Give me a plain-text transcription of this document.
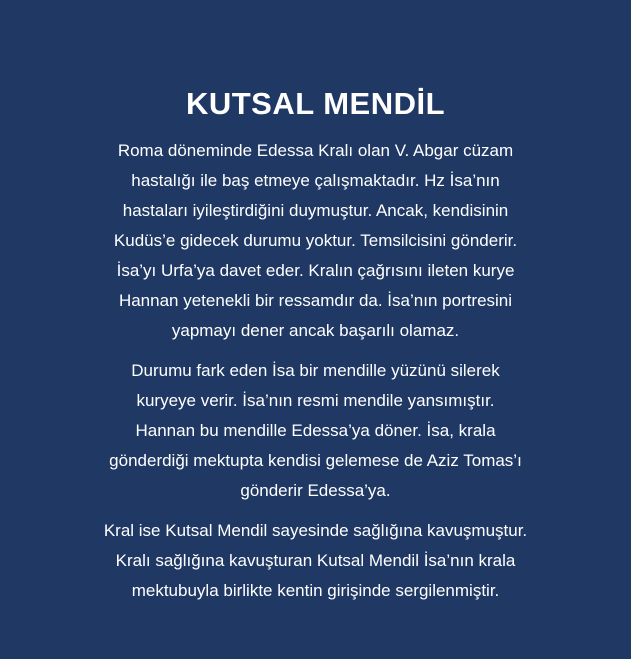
KUTSAL MENDİL
Roma döneminde Edessa Kralı olan V. Abgar cüzam
hastalığı ile baş etmeye çalışmaktadır. Hz İsa’nın
hastaları iyileştirdiğini duymuştur. Ancak, kendisinin
Kudüs’e gidecek durumu yoktur. Temsilcisini gönderir.
İsa’yı Urfa’ya davet eder. Kralın çağrısını ileten kurye
Hannan yetenekli bir ressamdır da. İsa’nın portresini
yapmayı dener ancak başarılı olamaz.
Durumu fark eden İsa bir mendille yüzünü silerek
kuryeye verir. İsa’nın resmi mendile yansımıştır.
Hannan bu mendille Edessa’ya döner. İsa, krala
gönderdiği mektupta kendisi gelemese de Aziz Tomas’ı
gönderir Edessa’ya.
Kral ise Kutsal Mendil sayesinde sağlığına kavuşmuştur.
Kralı sağlığına kavuşturan Kutsal Mendil İsa’nın krala
mektubuyla birlikte kentin girişinde sergilenmiştir.
